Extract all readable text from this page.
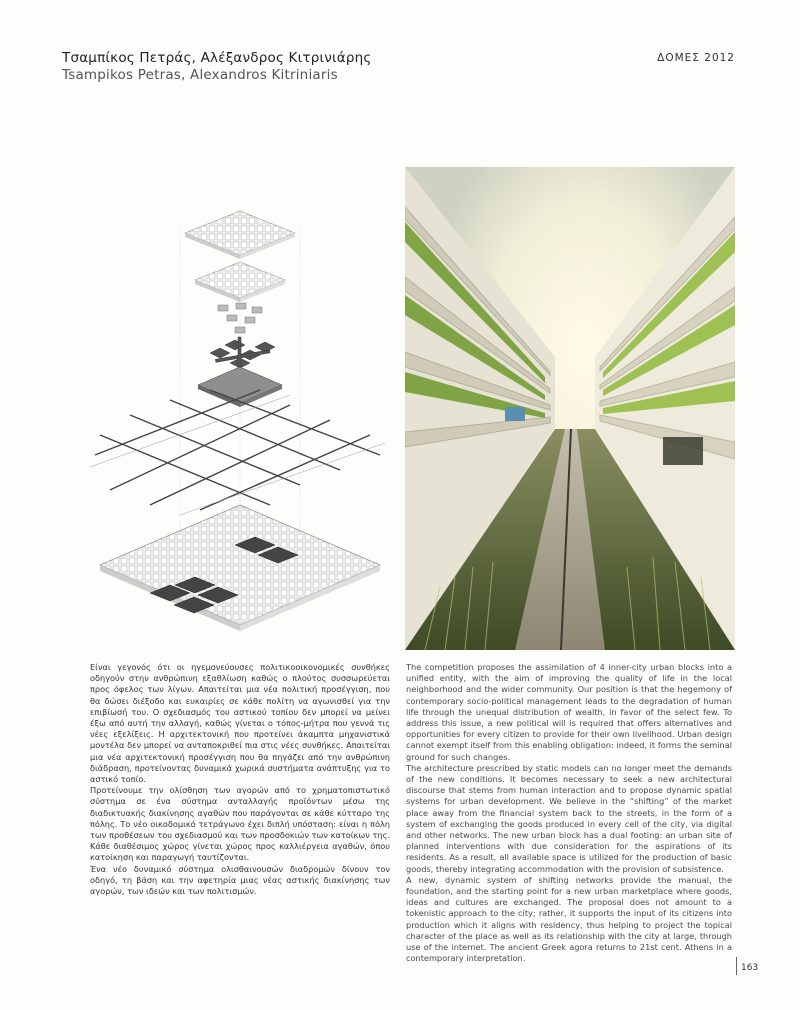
Τσαμπίκος Πετράς, Αλέξανδρος Κιτρινιάρης
Tsampikos Petras, Alexandros Kitriniaris
ΔΟΜΕΣ 2012

Είναι γεγονός ότι οι ηγεμονεύουσες πολιτικοοικονομικές συνθήκες οδηγούν στην ανθρώπινη εξαθλίωση καθώς ο πλούτος συσσωρεύεται προς όφελος των λίγων. Απαιτείται μια νέα πολιτική προσέγγιση, που θα δώσει διέξοδο και ευκαιρίες σε κάθε πολίτη να αγωνισθεί για την επιβίωσή του. Ο σχεδιασμός του αστικού τοπίου δεν μπορεί να μείνει έξω από αυτή την αλλαγή, καθώς γίνεται ο τόπος-μήτρα που γεννά τις νέες εξελίξεις. Η αρχιτεκτονική που προτείνει άκαμπτα μηχανιστικά μοντέλα δεν μπορεί να ανταποκριθεί πια στις νέες συνθήκες. Απαιτείται μια νέα αρχιτεκτονική προσέγγιση που θα πηγάζει από την ανθρώπινη διάδραση, προτείνοντας δυναμικά χωρικά συστήματα ανάπτυξης για το αστικό τοπίο.

Προτείνουμε την ολίσθηση των αγορών από το χρηματοπιστωτικό σύστημα σε ένα σύστημα ανταλλαγής προϊόντων μέσω της διαδικτυακής διακίνησης αγαθών που παράγονται σε κάθε κύτταρο της πόλης. Το νέο οικοδομικό τετράγωνο έχει διπλή υπόσταση: είναι η πόλη των προθέσεων του σχεδιασμού και των προσδοκιών των κατοίκων της. Κάθε διαθέσιμος χώρος γίνεται χώρος προς καλλιέργεια αγαθών, όπου κατοίκηση και παραγωγή ταυτίζονται.

Ένα νέο δυναμικό σύστημα ολισθαινουσών διαδρομών δίνουν τον οδηγό, τη βάση και την αφετηρία μιας νέας αστικής διακίνησης των αγορών, των ιδεών και των πολιτισμών.

The competition proposes the assimilation of 4 inner-city urban blocks into a unified entity, with the aim of improving the quality of life in the local neighborhood and the wider community. Our position is that the hegemony of contemporary socio-political management leads to the degradation of human life through the unequal distribution of wealth, in favor of the select few. To address this issue, a new political will is required that offers alternatives and opportunities for every citizen to provide for their own livelihood. Urban design cannot exempt itself from this enabling obligation: indeed, it forms the seminal ground for such changes.

The architecture prescribed by static models can no longer meet the demands of the new conditions. It becomes necessary to seek a new architectural discourse that stems from human interaction and to propose dynamic spatial systems for urban development. We believe in the “shifting” of the market place away from the financial system back to the streets, in the form of a system of exchanging the goods produced in every cell of the city, via digital and other networks. The new urban block has a dual footing: an urban site of planned interventions with due consideration for the aspirations of its residents. As a result, all available space is utilized for the production of basic goods, thereby integrating accommodation with the provision of subsistence.

A new, dynamic system of shifting networks provide the manual, the foundation, and the starting point for a new urban marketplace where goods, ideas and cultures are exchanged. The proposal does not amount to a tokenistic approach to the city; rather, it supports the input of its citizens into production which it aligns with residency, thus helping to project the topical character of the place as well as its relationship with the city at large, through use of the internet. The ancient Greek agora returns to 21st cent. Athens in a contemporary interpretation.

163
